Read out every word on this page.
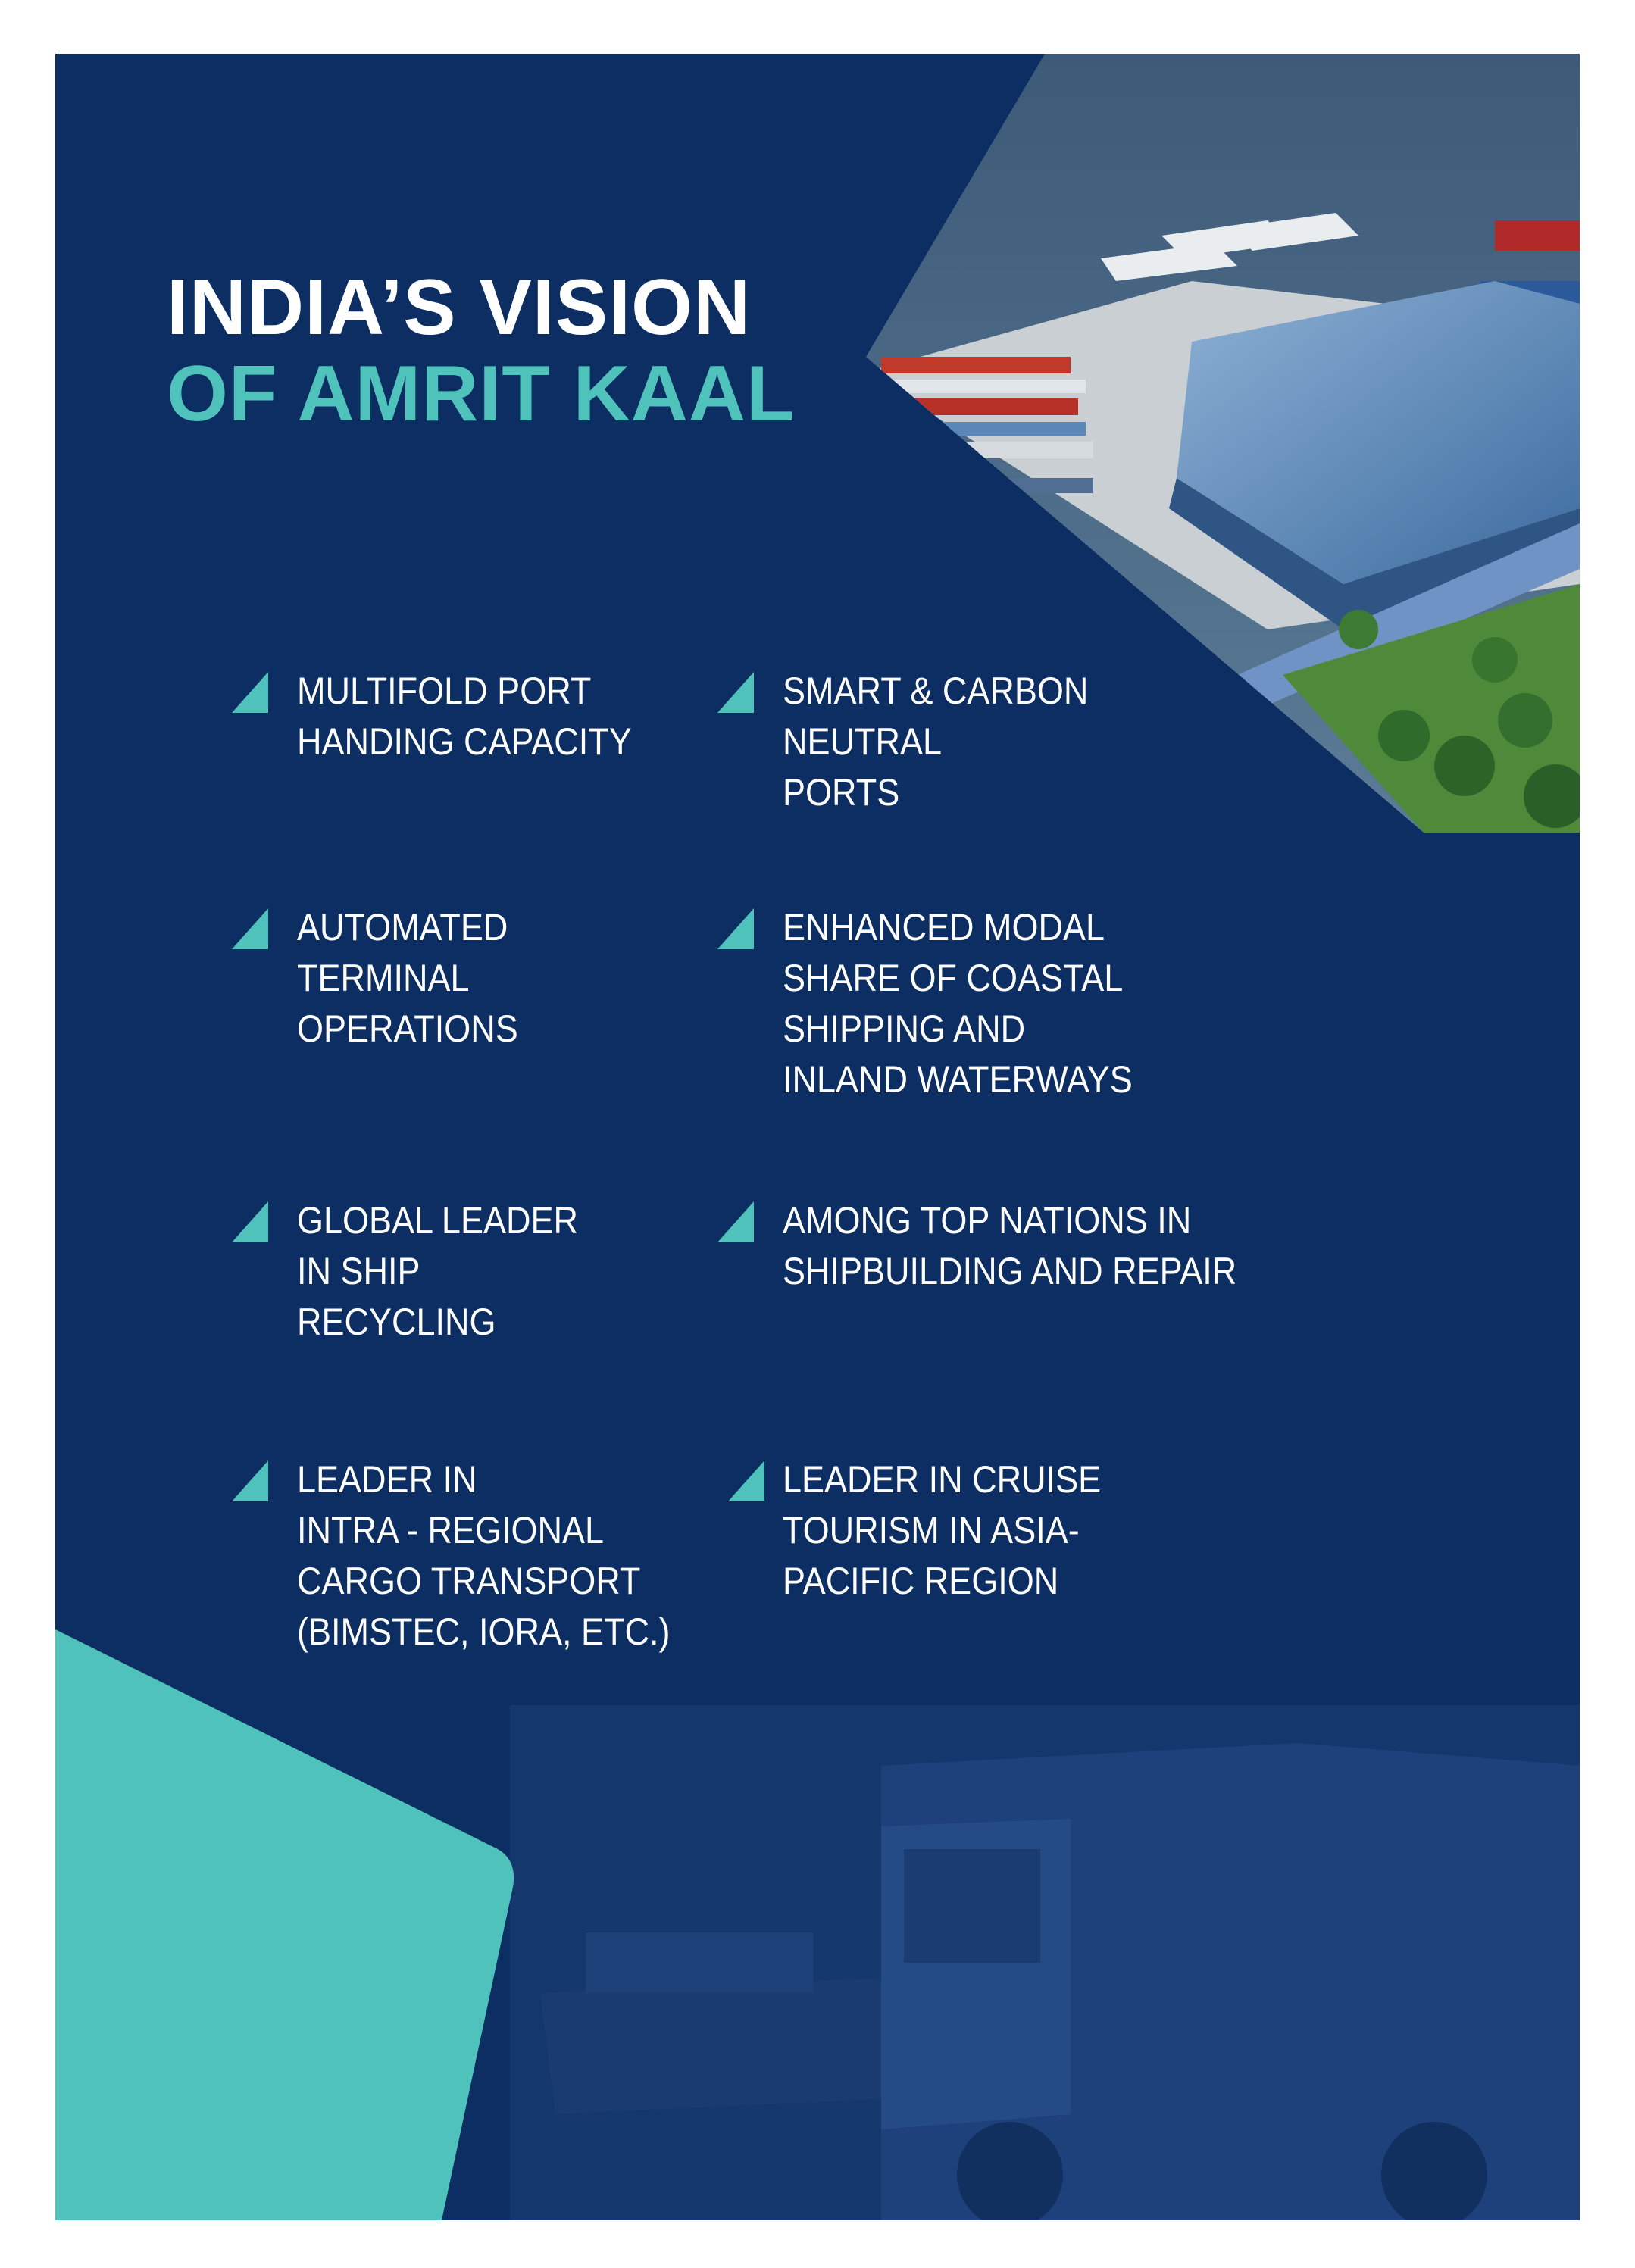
INDIA’S VISION
OF AMRIT KAAL
MULTIFOLD PORT
HANDING CAPACITY
SMART & CARBON
NEUTRAL
PORTS
AUTOMATED
TERMINAL
OPERATIONS
ENHANCED MODAL
SHARE OF COASTAL
SHIPPING AND
INLAND WATERWAYS
GLOBAL LEADER
IN SHIP
RECYCLING
AMONG TOP NATIONS IN
SHIPBUILDING AND REPAIR
LEADER IN
INTRA - REGIONAL
CARGO TRANSPORT
(BIMSTEC, IORA, ETC.)
LEADER IN CRUISE
TOURISM IN ASIA-
PACIFIC REGION
